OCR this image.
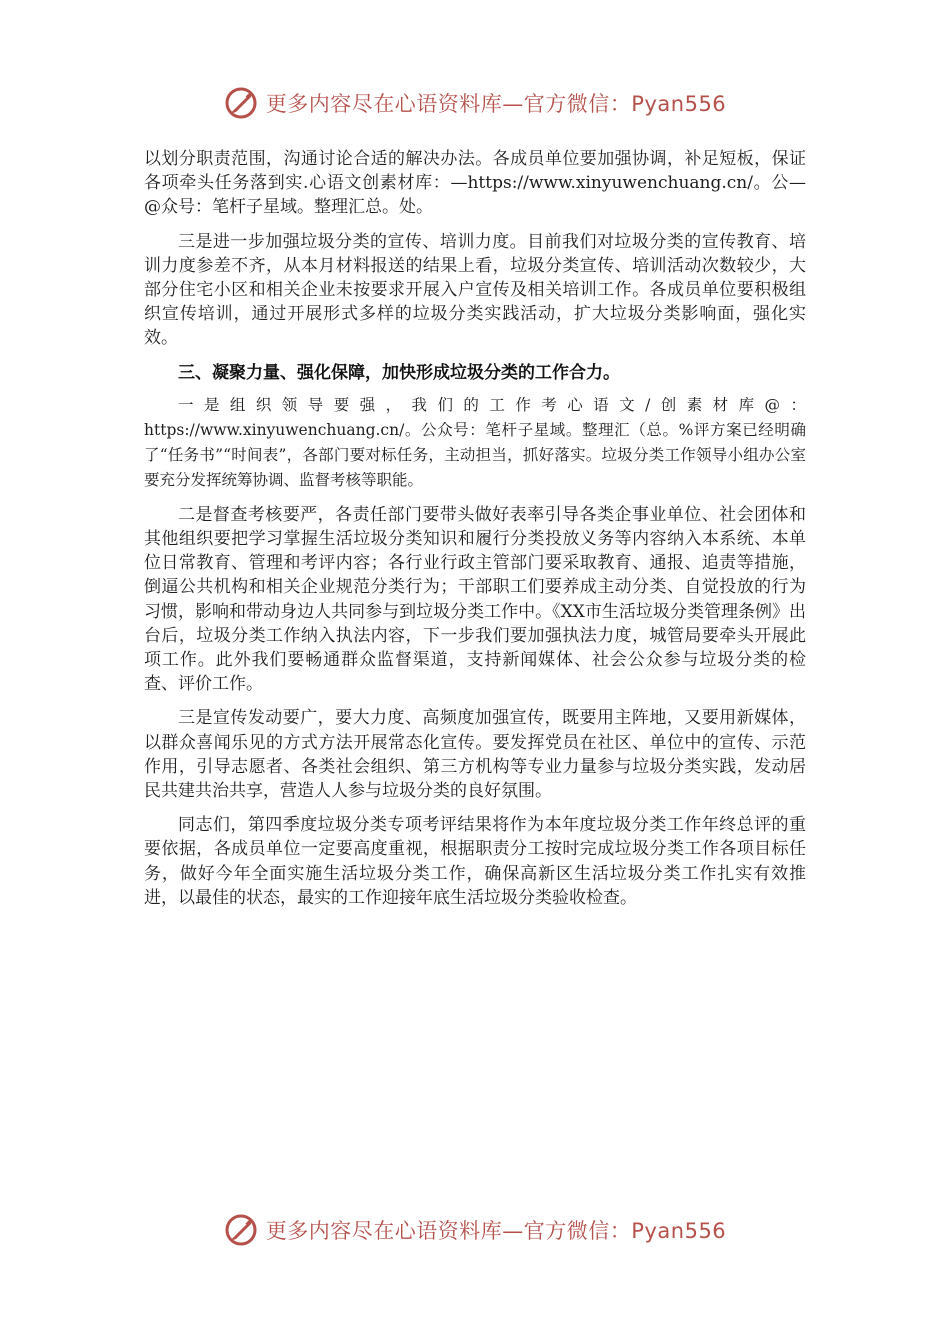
更多内容尽在心语资料库—官方微信：Pyan556

以划分职责范围，沟通讨论合适的解决办法。各成员单位要加强协调，补足短板，保证各项牵头任务落到实.心语文创素材库：—https://www.xinyuwenchuang.cn/。公—@众号：笔杆子星域。整理汇总。处。

三是进一步加强垃圾分类的宣传、培训力度。目前我们对垃圾分类的宣传教育、培训力度参差不齐，从本月材料报送的结果上看，垃圾分类宣传、培训活动次数较少，大部分住宅小区和相关企业未按要求开展入户宣传及相关培训工作。各成员单位要积极组织宣传培训，通过开展形式多样的垃圾分类实践活动，扩大垃圾分类影响面，强化实效。

三、凝聚力量、强化保障，加快形成垃圾分类的工作合力。

一是组织领导要强，我们的工作考心语文/创素材库@：https://www.xinyuwenchuang.cn/。公众号：笔杆子星域。整理汇（总。%评方案已经明确了“任务书”“时间表”，各部门要对标任务，主动担当，抓好落实。垃圾分类工作领导小组办公室要充分发挥统筹协调、监督考核等职能。

二是督查考核要严，各责任部门要带头做好表率引导各类企事业单位、社会团体和其他组织要把学习掌握生活垃圾分类知识和履行分类投放义务等内容纳入本系统、本单位日常教育、管理和考评内容；各行业行政主管部门要采取教育、通报、追责等措施，倒逼公共机构和相关企业规范分类行为；干部职工们要养成主动分类、自觉投放的行为习惯，影响和带动身边人共同参与到垃圾分类工作中。《XX市生活垃圾分类管理条例》出台后，垃圾分类工作纳入执法内容，下一步我们要加强执法力度，城管局要牵头开展此项工作。此外我们要畅通群众监督渠道，支持新闻媒体、社会公众参与垃圾分类的检查、评价工作。

三是宣传发动要广，要大力度、高频度加强宣传，既要用主阵地，又要用新媒体，以群众喜闻乐见的方式方法开展常态化宣传。要发挥党员在社区、单位中的宣传、示范作用，引导志愿者、各类社会组织、第三方机构等专业力量参与垃圾分类实践，发动居民共建共治共享，营造人人参与垃圾分类的良好氛围。

同志们，第四季度垃圾分类专项考评结果将作为本年度垃圾分类工作年终总评的重要依据，各成员单位一定要高度重视，根据职责分工按时完成垃圾分类工作各项目标任务，做好今年全面实施生活垃圾分类工作，确保高新区生活垃圾分类工作扎实有效推进，以最佳的状态，最实的工作迎接年底生活垃圾分类验收检查。

更多内容尽在心语资料库—官方微信：Pyan556
